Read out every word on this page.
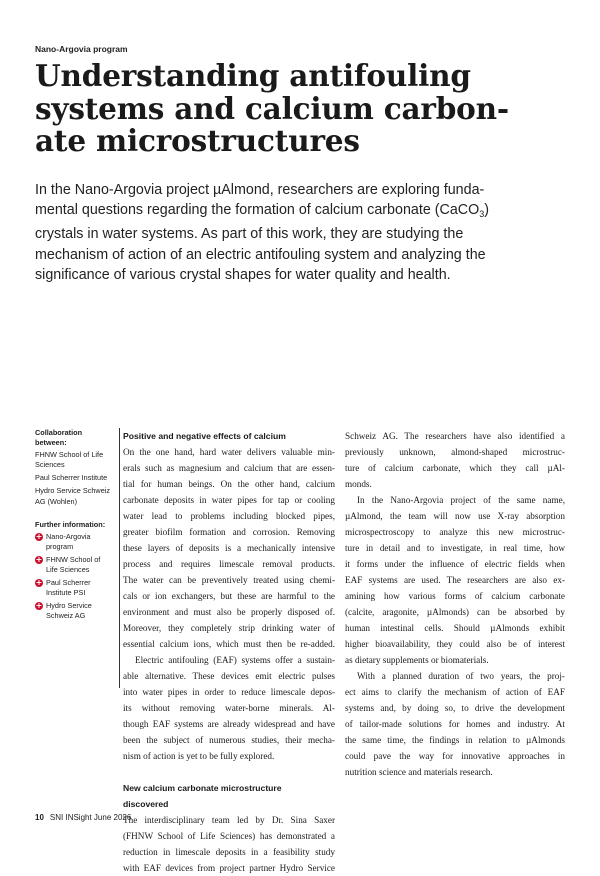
Nano-Argovia program
Understanding antifouling
systems and calcium carbon-
ate microstructures
In the Nano-Argovia project µAlmond, researchers are exploring funda-
mental questions regarding the formation of calcium carbonate (CaCO$_3$)
crystals in water systems. As part of this work, they are studying the
mechanism of action of an electric antifouling system and analyzing the
significance of various crystal shapes for water quality and health.
Collaboration between:
FHNW School of Life
Sciences
Paul Scherrer Institute
Hydro Service Schweiz
AG (Wohlen)
Further information:
+ Nano-Argovia
program
+ FHNW School of
Life Sciences
+ Paul Scherrer
Institute PSI
+ Hydro Service
Schweiz AG
Positive and negative effects of calcium
On the one hand, hard water delivers valuable min-
erals such as magnesium and calcium that are essen-
tial for human beings. On the other hand, calcium
carbonate deposits in water pipes for tap or cooling
water lead to problems including blocked pipes,
greater biofilm formation and corrosion. Removing
these layers of deposits is a mechanically intensive
process and requires limescale removal products.
The water can be preventively treated using chemi-
cals or ion exchangers, but these are harmful to the
environment and must also be properly disposed of.
Moreover, they completely strip drinking water of
essential calcium ions, which must then be re-added.
Electric antifouling (EAF) systems offer a sustain-
able alternative. These devices emit electric pulses
into water pipes in order to reduce limescale depos-
its without removing water-borne minerals. Al-
though EAF systems are already widespread and have
been the subject of numerous studies, their mecha-
nism of action is yet to be fully explored.
New calcium carbonate microstructure
discovered
The interdisciplinary team led by Dr. Sina Saxer
(FHNW School of Life Sciences) has demonstrated a
reduction in limescale deposits in a feasibility study
with EAF devices from project partner Hydro Service
Schweiz AG. The researchers have also identified a
previously unknown, almond-shaped microstruc-
ture of calcium carbonate, which they call µAl-
monds.
In the Nano-Argovia project of the same name,
µAlmond, the team will now use X-ray absorption
microspectroscopy to analyze this new microstruc-
ture in detail and to investigate, in real time, how
it forms under the influence of electric fields when
EAF systems are used. The researchers are also ex-
amining how various forms of calcium carbonate
(calcite, aragonite, µAlmonds) can be absorbed by
human intestinal cells. Should µAlmonds exhibit
higher bioavailability, they could also be of interest
as dietary supplements or biomaterials.
With a planned duration of two years, the proj-
ect aims to clarify the mechanism of action of EAF
systems and, by doing so, to drive the development
of tailor-made solutions for homes and industry. At
the same time, the findings in relation to µAlmonds
could pave the way for innovative approaches in
nutrition science and materials research.
10 SNI INSight June 2026
